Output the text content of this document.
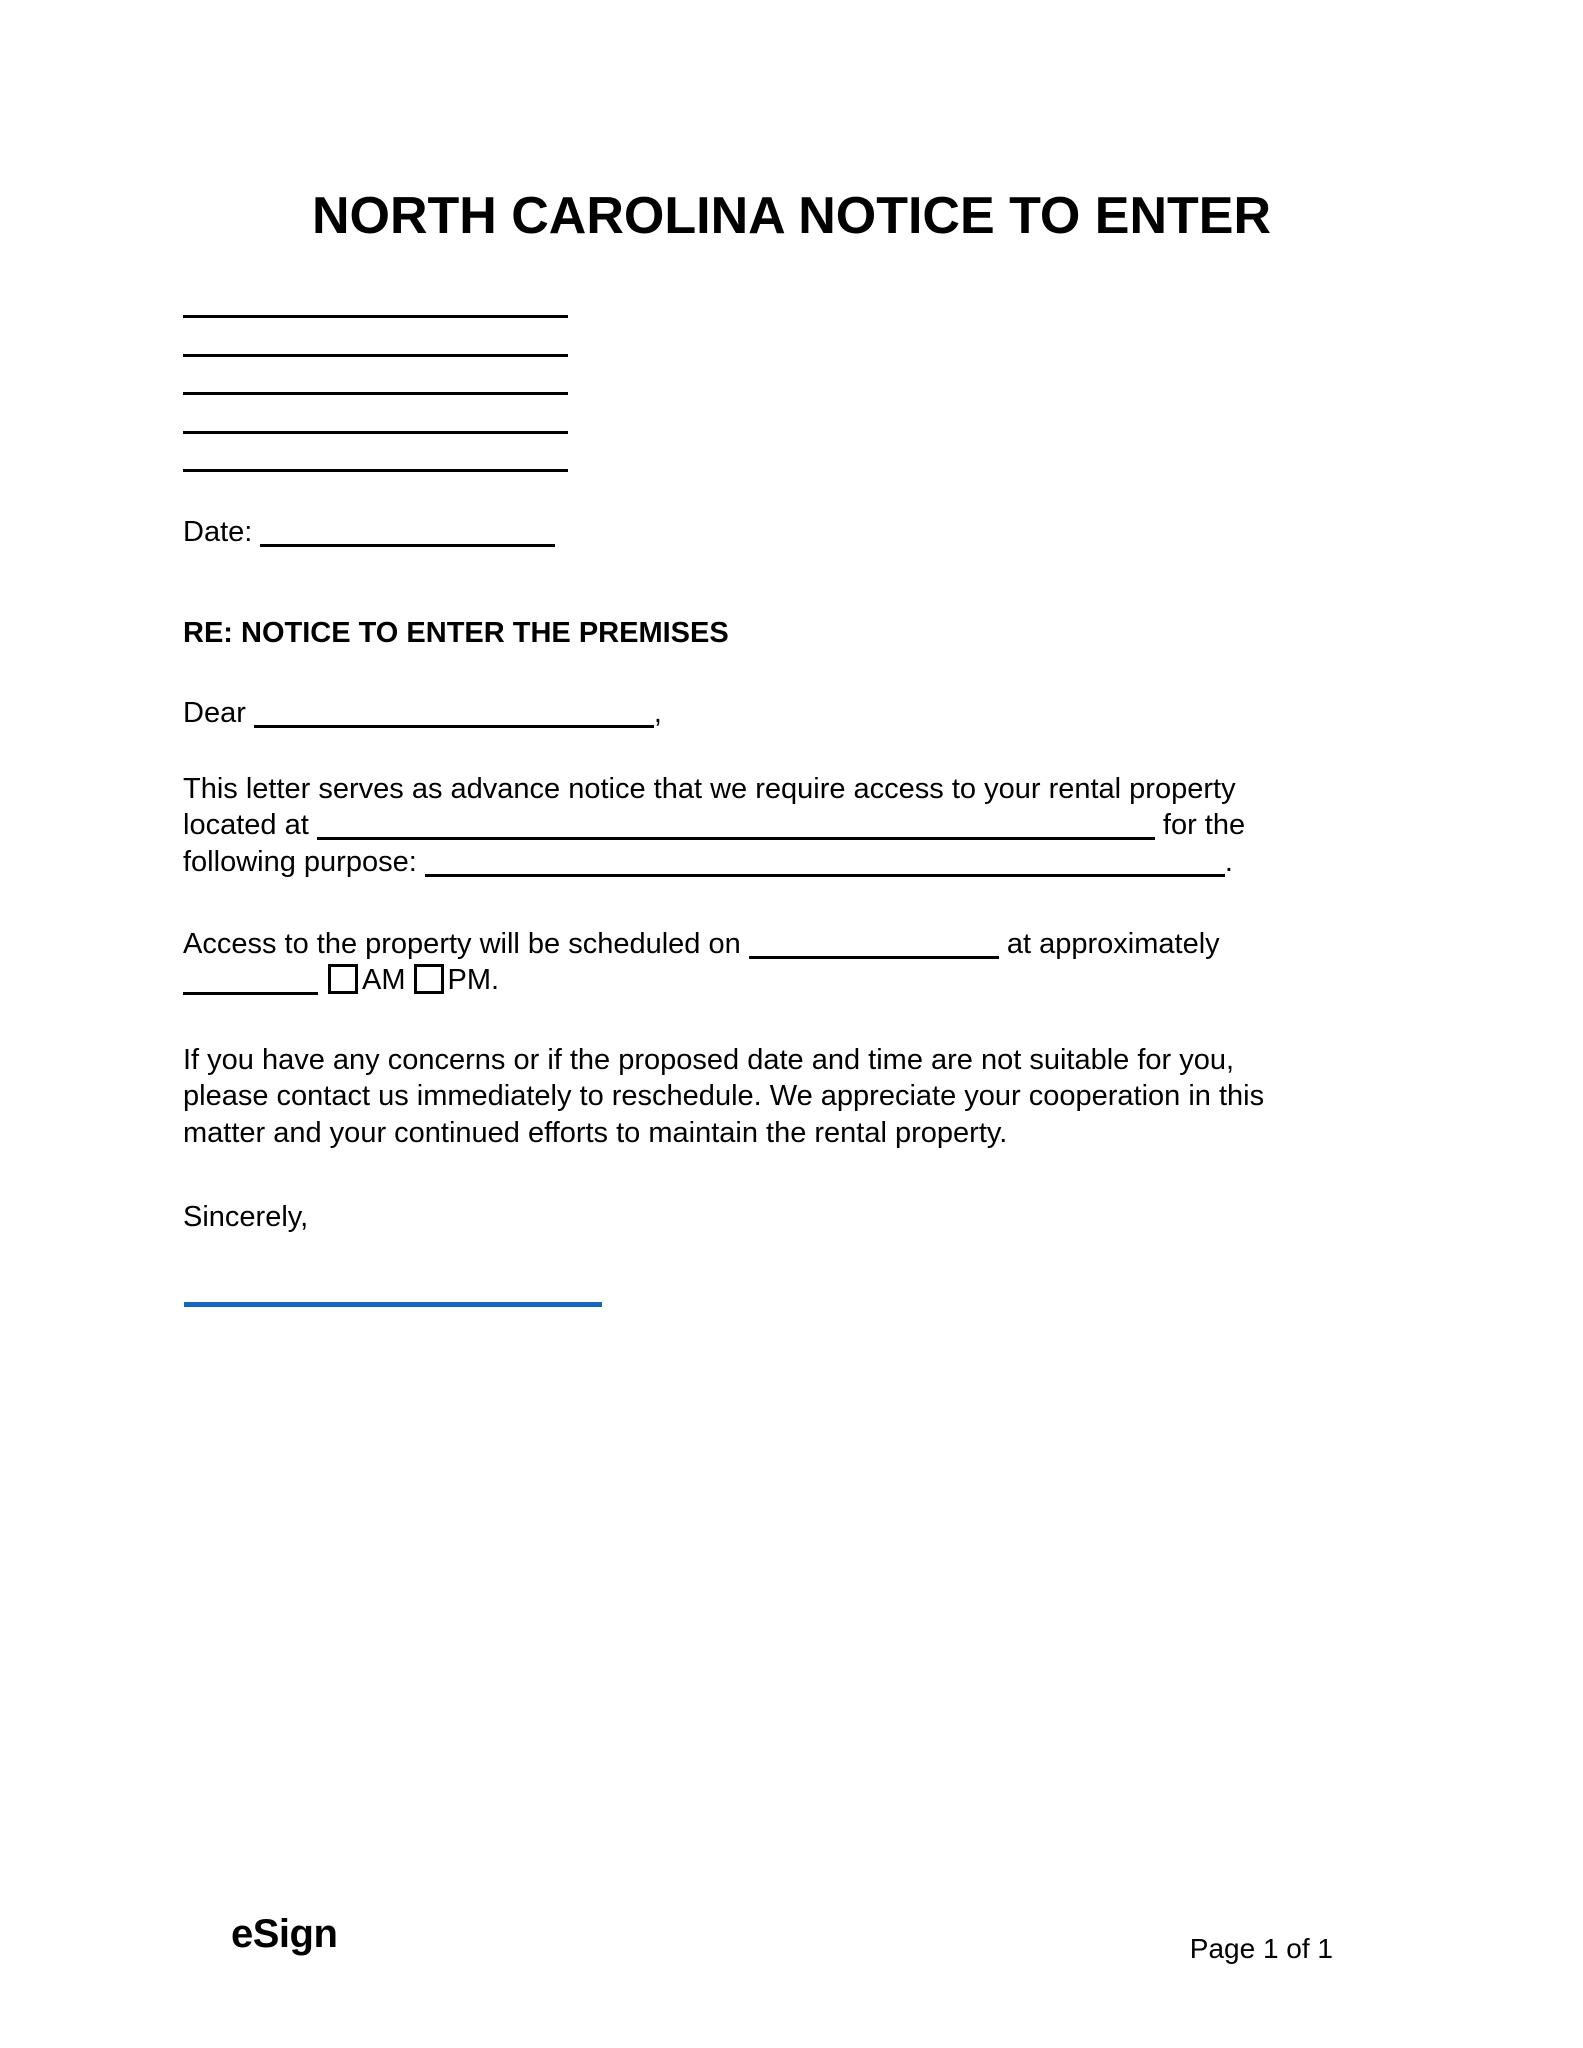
NORTH CAROLINA NOTICE TO ENTER
Date:
RE: NOTICE TO ENTER THE PREMISES
Dear	,
This letter serves as advance notice that we require access to your rental property
located at	for the
following purpose:	.
Access to the property will be scheduled on	at approximately
AM PM.
If you have any concerns or if the proposed date and time are not suitable for you,
please contact us immediately to reschedule. We appreciate your cooperation in this
matter and your continued efforts to maintain the rental property.
Sincerely,
eSign	Page 1 of 1
